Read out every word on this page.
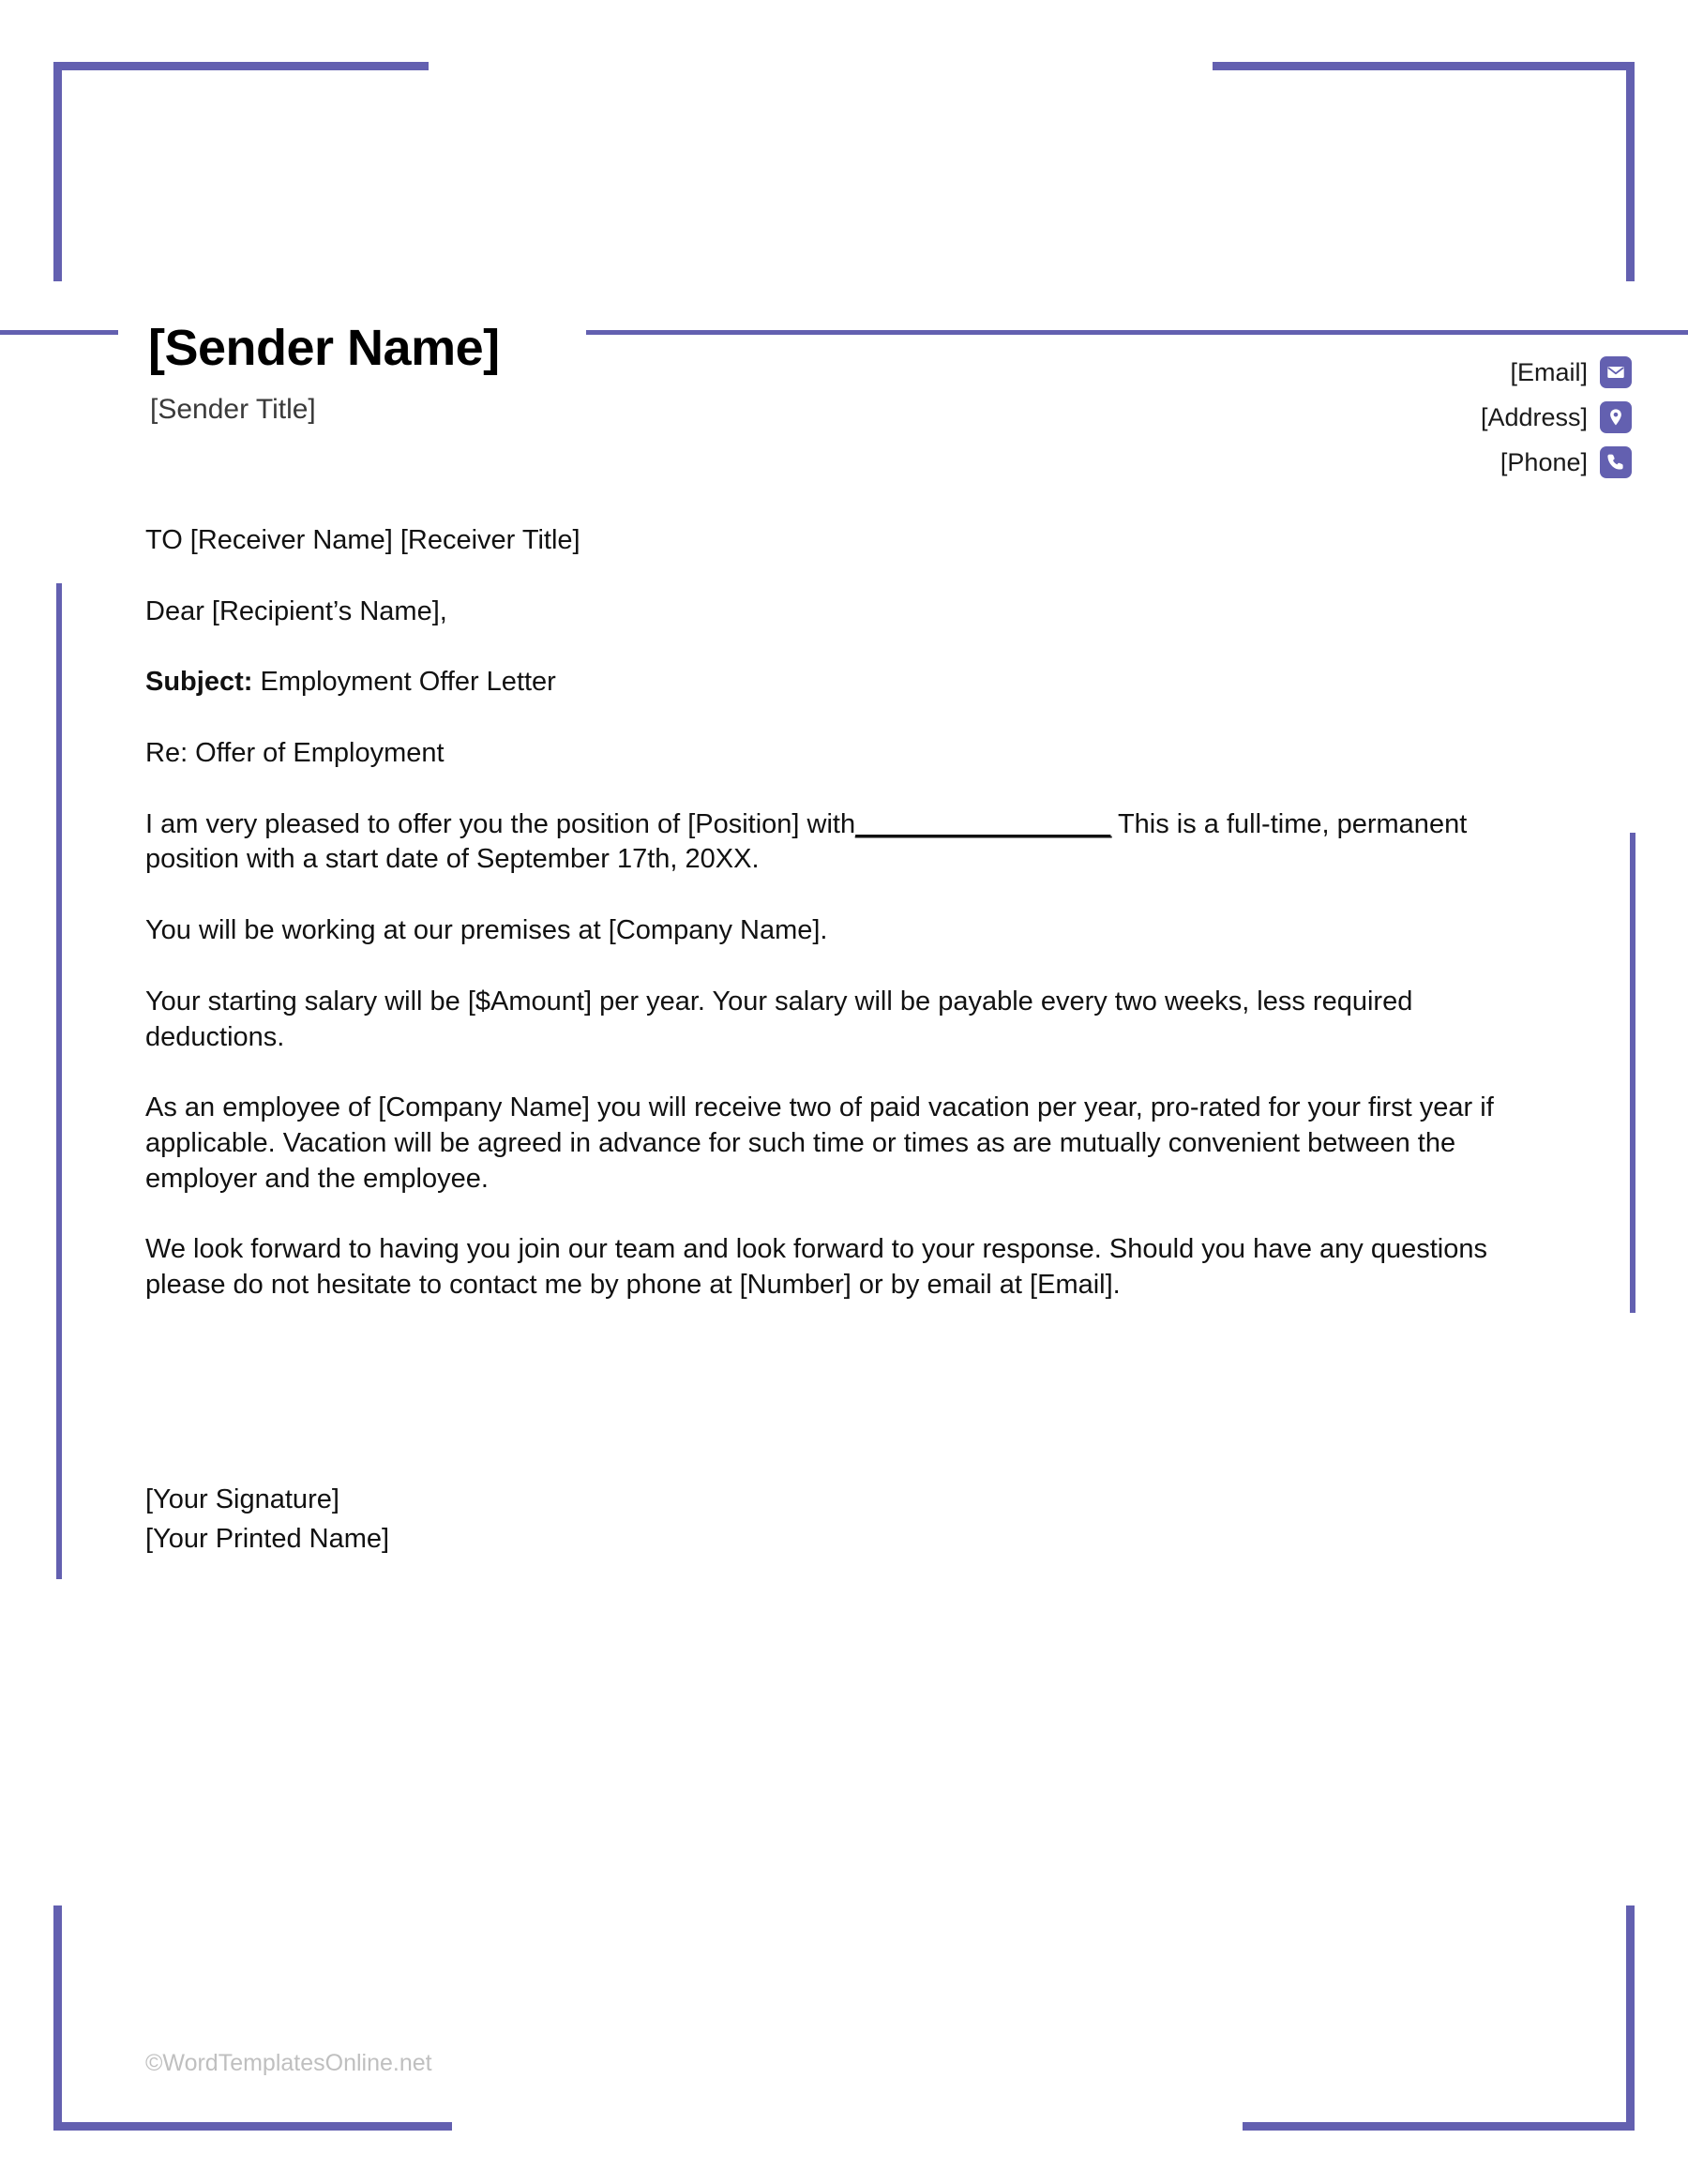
[Sender Name]
[Sender Title]
[Email]
[Address]
[Phone]

TO [Receiver Name] [Receiver Title]

Dear [Recipient’s Name],

Subject: Employment Offer Letter

Re: Offer of Employment

I am very pleased to offer you the position of [Position] with__________________ This is a full-time, permanent position with a start date of September 17th, 20XX.

You will be working at our premises at [Company Name].

Your starting salary will be [$Amount] per year. Your salary will be payable every two weeks, less required deductions.

As an employee of [Company Name] you will receive two of paid vacation per year, pro-rated for your first year if applicable. Vacation will be agreed in advance for such time or times as are mutually convenient between the employer and the employee.

We look forward to having you join our team and look forward to your response. Should you have any questions please do not hesitate to contact me by phone at [Number] or by email at [Email].

[Your Signature]

[Your Printed Name]

©WordTemplatesOnline.net
